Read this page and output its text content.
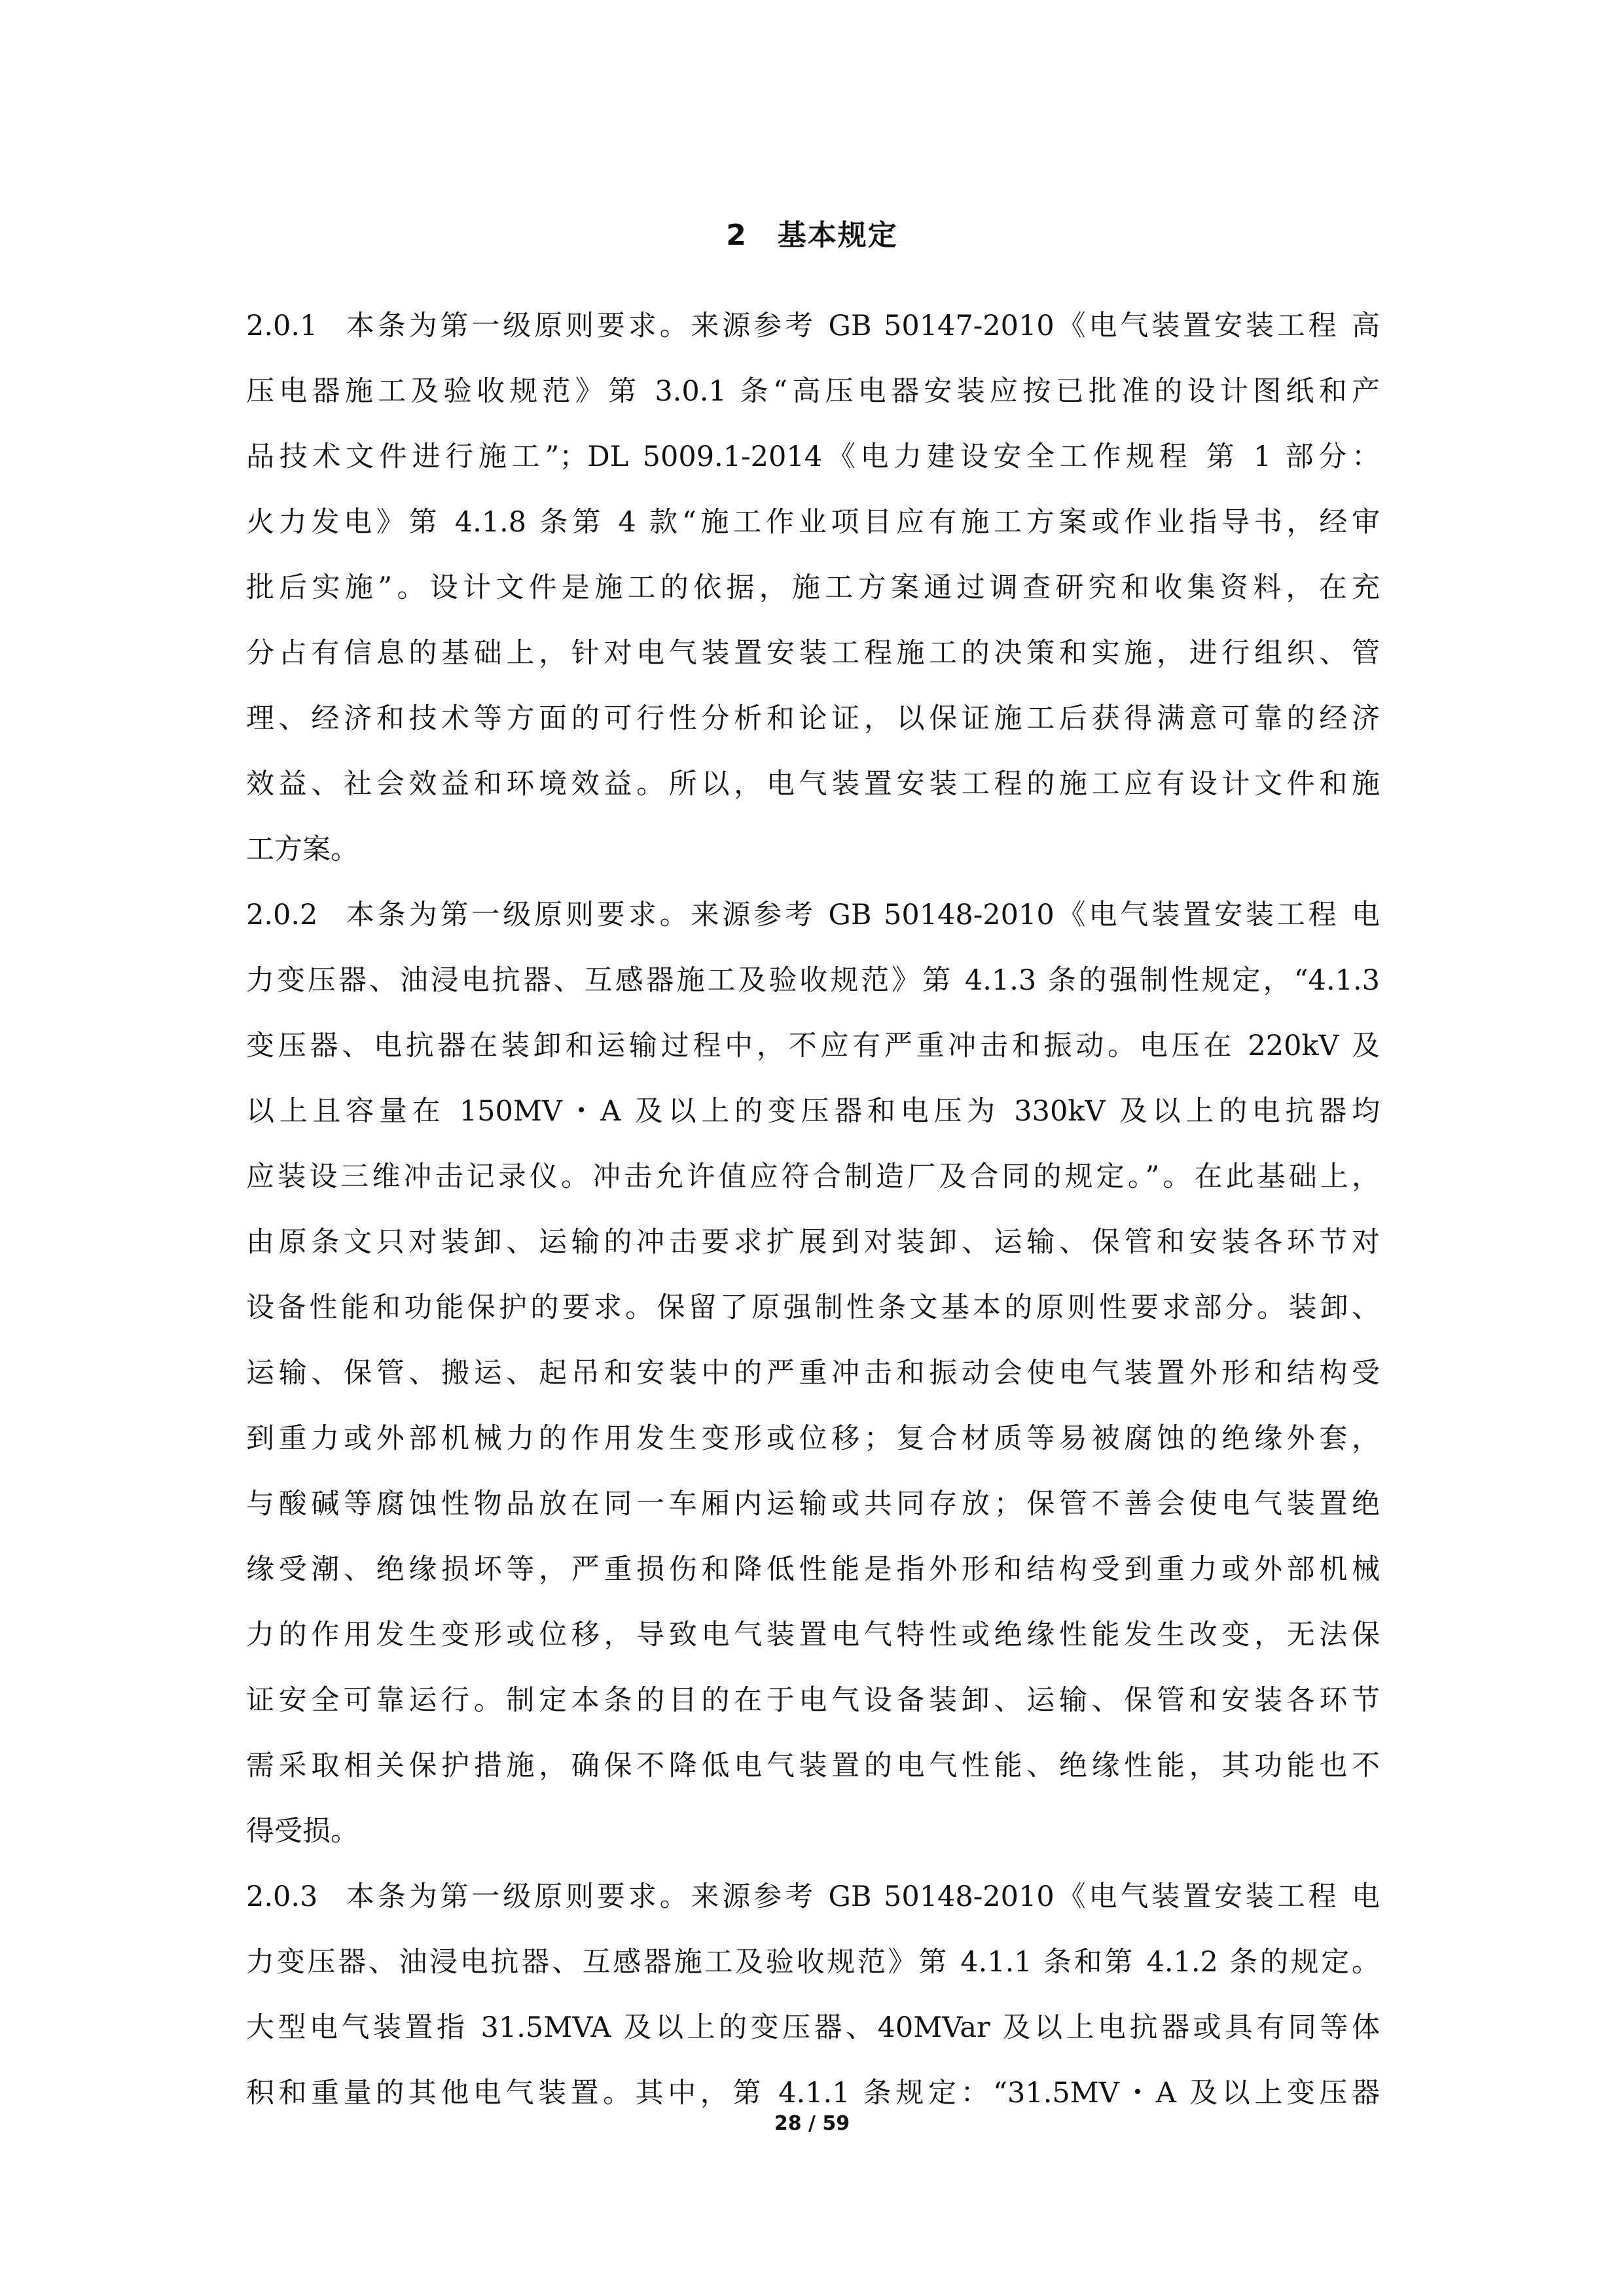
2　基本规定
2.0.1 本条为第一级原则要求。来源参考 GB 50147-2010《电气装置安装工程 高
压电器施工及验收规范》第 3.0.1 条“高压电器安装应按已批准的设计图纸和产
品技术文件进行施工”；DL 5009.1-2014《电力建设安全工作规程 第 1 部分：
火力发电》第 4.1.8 条第 4 款“施工作业项目应有施工方案或作业指导书，经审
批后实施”。设计文件是施工的依据，施工方案通过调查研究和收集资料，在充
分占有信息的基础上，针对电气装置安装工程施工的决策和实施，进行组织、管
理、经济和技术等方面的可行性分析和论证，以保证施工后获得满意可靠的经济
效益、社会效益和环境效益。所以，电气装置安装工程的施工应有设计文件和施
工方案。
2.0.2 本条为第一级原则要求。来源参考 GB 50148-2010《电气装置安装工程 电
力变压器、油浸电抗器、互感器施工及验收规范》第 4.1.3 条的强制性规定，“4.1.3
变压器、电抗器在装卸和运输过程中，不应有严重冲击和振动。电压在 220kV 及
以上且容量在 150MV・A 及以上的变压器和电压为 330kV 及以上的电抗器均
应装设三维冲击记录仪。冲击允许值应符合制造厂及合同的规定。”。在此基础上，
由原条文只对装卸、运输的冲击要求扩展到对装卸、运输、保管和安装各环节对
设备性能和功能保护的要求。保留了原强制性条文基本的原则性要求部分。装卸、
运输、保管、搬运、起吊和安装中的严重冲击和振动会使电气装置外形和结构受
到重力或外部机械力的作用发生变形或位移；复合材质等易被腐蚀的绝缘外套，
与酸碱等腐蚀性物品放在同一车厢内运输或共同存放；保管不善会使电气装置绝
缘受潮、绝缘损坏等，严重损伤和降低性能是指外形和结构受到重力或外部机械
力的作用发生变形或位移，导致电气装置电气特性或绝缘性能发生改变，无法保
证安全可靠运行。制定本条的目的在于电气设备装卸、运输、保管和安装各环节
需采取相关保护措施，确保不降低电气装置的电气性能、绝缘性能，其功能也不
得受损。
2.0.3 本条为第一级原则要求。来源参考 GB 50148-2010《电气装置安装工程 电
力变压器、油浸电抗器、互感器施工及验收规范》第 4.1.1 条和第 4.1.2 条的规定。
大型电气装置指 31.5MVA 及以上的变压器、40MVar 及以上电抗器或具有同等体
积和重量的其他电气装置。其中，第 4.1.1 条规定：“31.5MV・A 及以上变压器
28 / 59
